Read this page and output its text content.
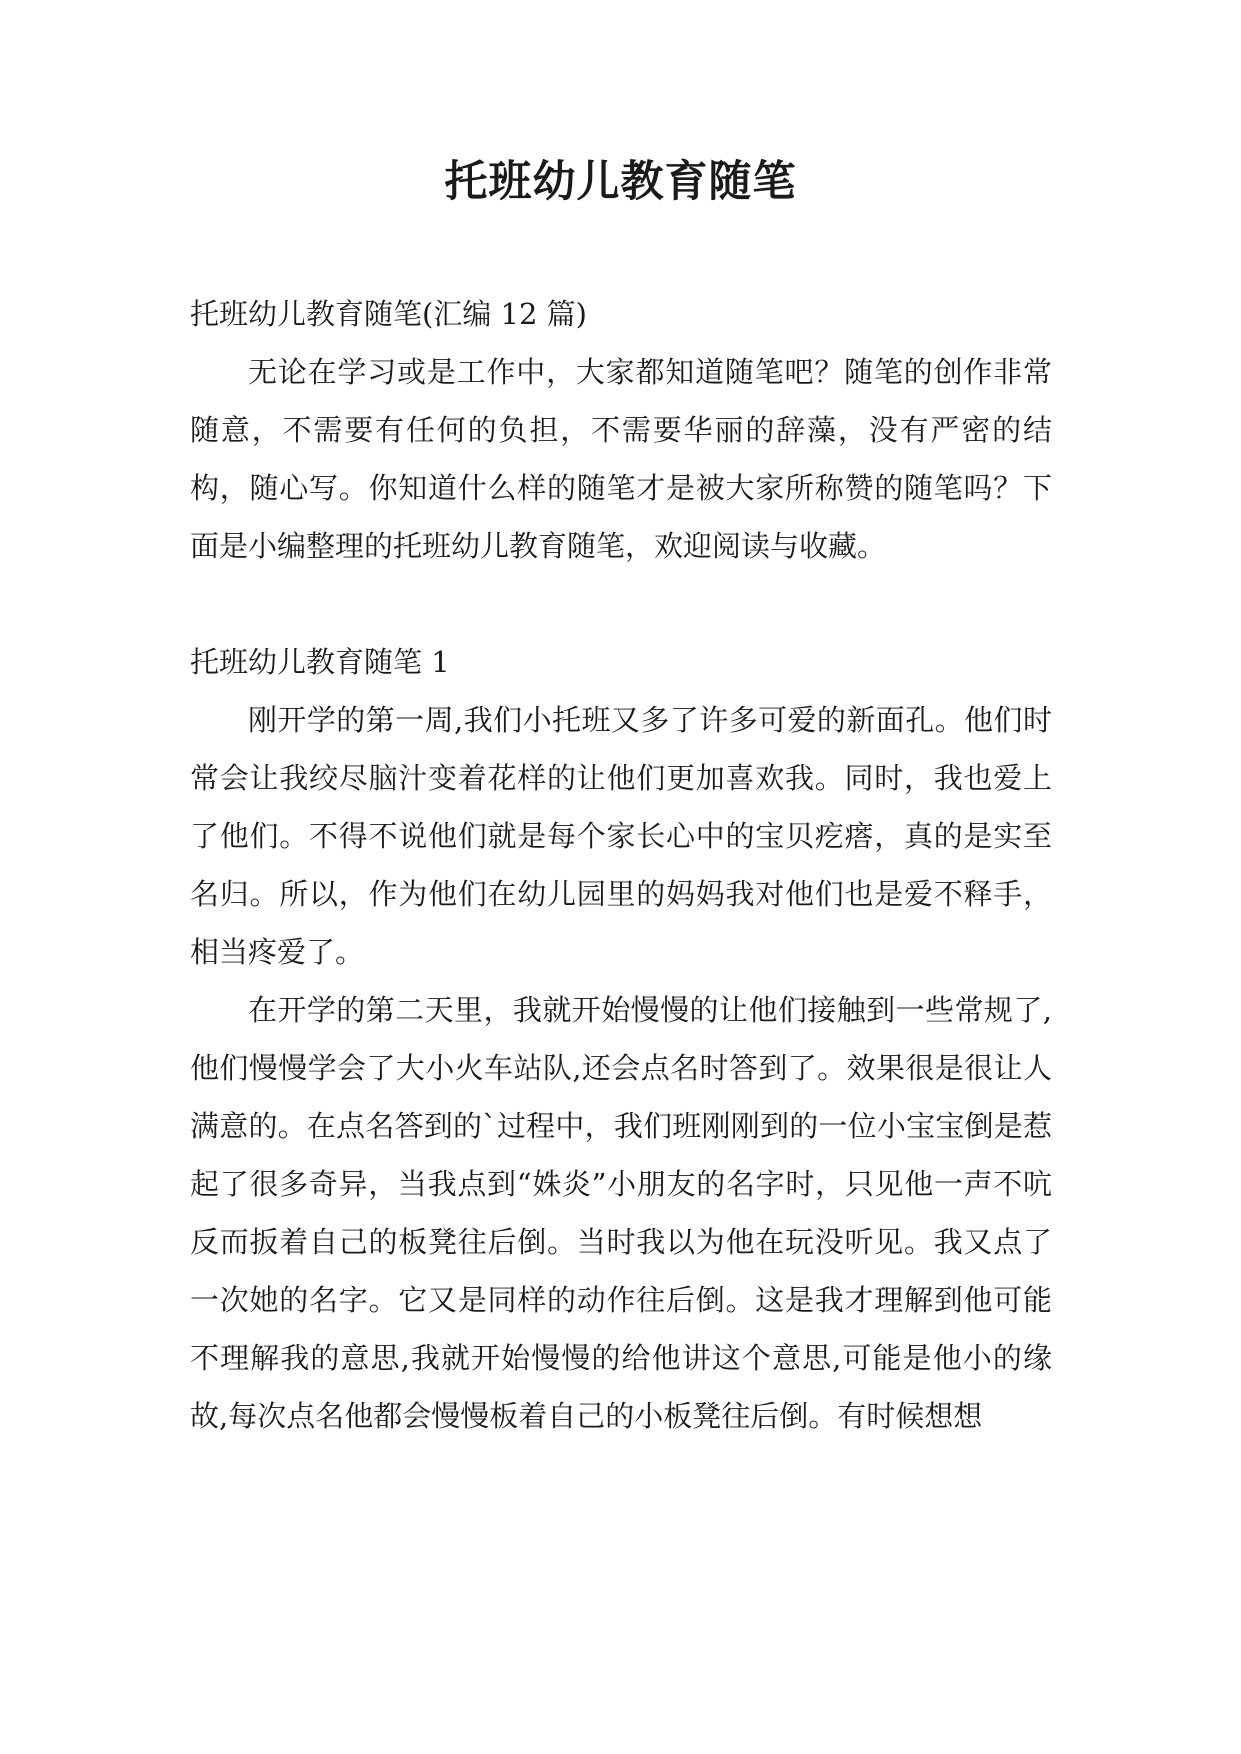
托班幼儿教育随笔

托班幼儿教育随笔(汇编 12 篇)

无论在学习或是工作中，大家都知道随笔吧？随笔的创作非常随意，不需要有任何的负担，不需要华丽的辞藻，没有严密的结构，随心写。你知道什么样的随笔才是被大家所称赞的随笔吗？下面是小编整理的托班幼儿教育随笔，欢迎阅读与收藏。

托班幼儿教育随笔 1

刚开学的第一周,我们小托班又多了许多可爱的新面孔。他们时常会让我绞尽脑汁变着花样的让他们更加喜欢我。同时，我也爱上了他们。不得不说他们就是每个家长心中的宝贝疙瘩，真的是实至名归。所以，作为他们在幼儿园里的妈妈我对他们也是爱不释手，相当疼爱了。

在开学的第二天里，我就开始慢慢的让他们接触到一些常规了,他们慢慢学会了大小火车站队,还会点名时答到了。效果很是很让人满意的。在点名答到的`过程中，我们班刚刚到的一位小宝宝倒是惹起了很多奇异，当我点到“姝炎”小朋友的名字时，只见他一声不吭反而扳着自己的板凳往后倒。当时我以为他在玩没听见。我又点了一次她的名字。它又是同样的动作往后倒。这是我才理解到他可能不理解我的意思,我就开始慢慢的给他讲这个意思,可能是他小的缘故,每次点名他都会慢慢板着自己的小板凳往后倒。有时候想想
